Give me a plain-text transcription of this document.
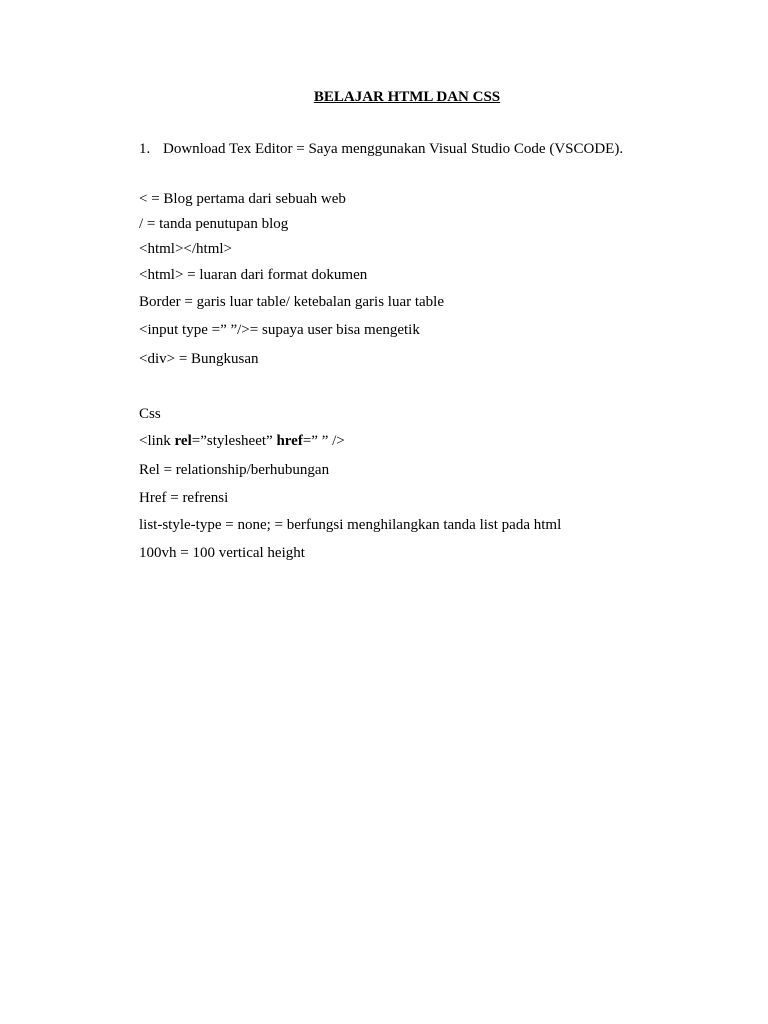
BELAJAR HTML DAN CSS
1. Download Tex Editor = Saya menggunakan Visual Studio Code (VSCODE).
< = Blog pertama dari sebuah web
/ = tanda penutupan blog
<html></html>
<html> = luaran dari format dokumen
Border = garis luar table/ ketebalan garis luar table
<input type =” ”/>= supaya user bisa mengetik
<div> = Bungkusan
Css
<link rel=”stylesheet” href=” ” />
Rel = relationship/berhubungan
Href = refrensi
list-style-type = none; = berfungsi menghilangkan tanda list pada html
100vh = 100 vertical height
